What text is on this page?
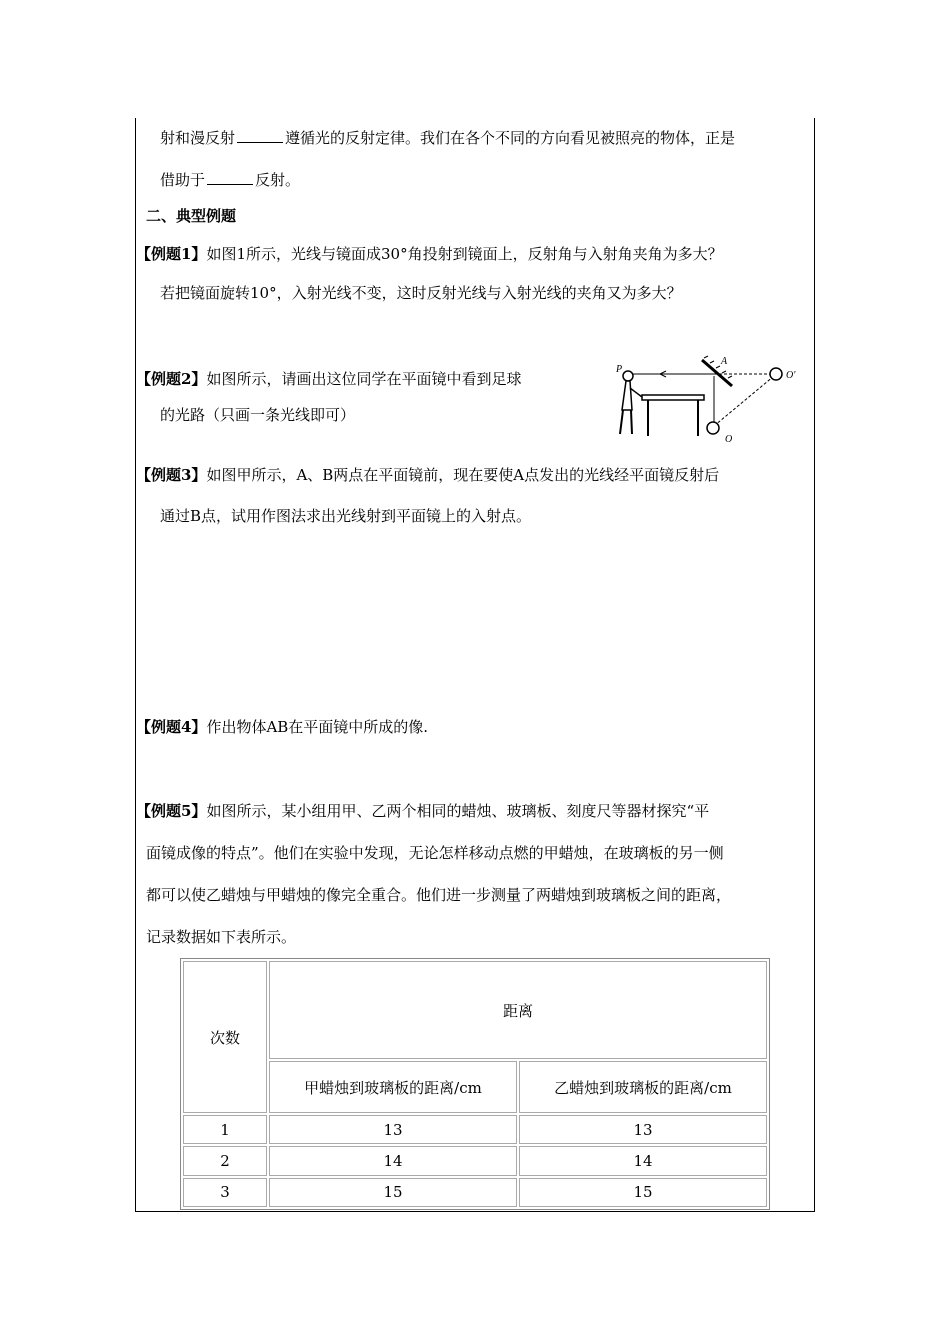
射和漫反射	遵循光的反射定律。我们在各个不同的方向看见被照亮的物体，正是
借助于	反射。
二、典型例题
【例题1】如图1所示，光线与镜面成30°角投射到镜面上，反射角与入射角夹角为多大？
若把镜面旋转10°，入射光线不变，这时反射光线与入射光线的夹角又为多大？
【例题2】如图所示，请画出这位同学在平面镜中看到足球
的光路（只画一条光线即可）
P
A
O
O'
【例题3】如图甲所示，A、B两点在平面镜前，现在要使A点发出的光线经平面镜反射后
通过B点，试用作图法求出光线射到平面镜上的入射点。
【例题4】作出物体AB在平面镜中所成的像.
【例题5】如图所示，某小组用甲、乙两个相同的蜡烛、玻璃板、刻度尺等器材探究“平
面镜成像的特点”。他们在实验中发现，无论怎样移动点燃的甲蜡烛，在玻璃板的另一侧
都可以使乙蜡烛与甲蜡烛的像完全重合。他们进一步测量了两蜡烛到玻璃板之间的距离，
记录数据如下表所示。
次数	距离	
	甲蜡烛到玻璃板的距离/cm	乙蜡烛到玻璃板的距离/cm
1	13	13
2	14	14
3	15	15
